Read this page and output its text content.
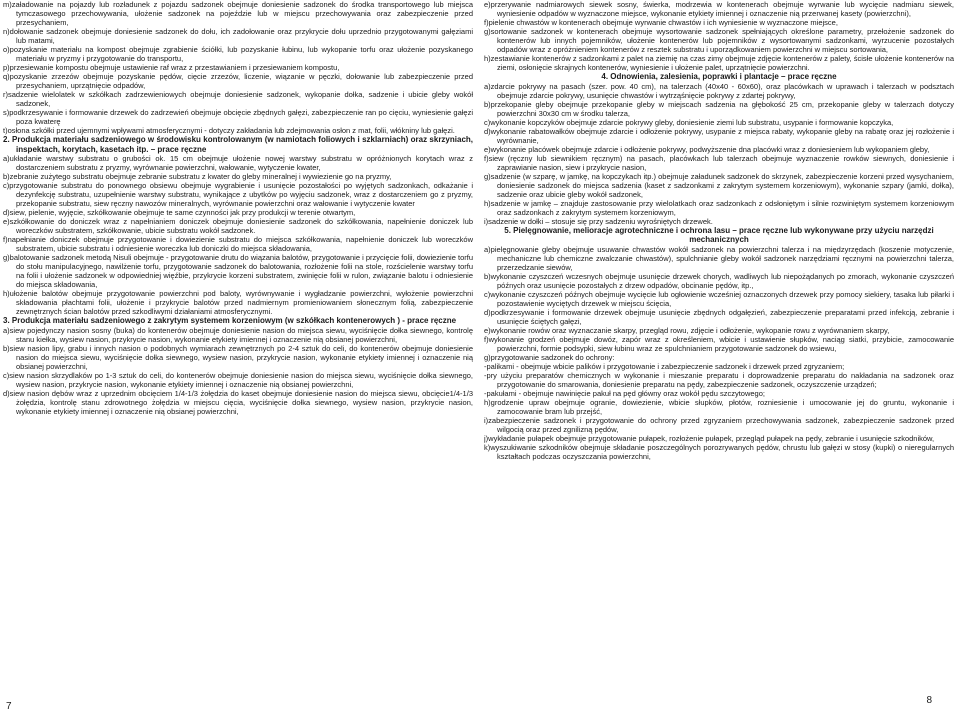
m)załadowanie na pojazdy lub rozładunek z pojazdu sadzonek obejmuje doniesienie sadzonek do środka transportowego lub miejsca tymczasowego przechowywania, ułożenie sadzonek na pojeździe lub w miejscu przechowywania oraz zabezpieczenie przed przesychaniem,

n)dołowanie sadzonek obejmuje doniesienie sadzonek do dołu, ich zadołowanie oraz przykrycie dołu uprzednio przygotowanymi gałęziami lub matami,

o)pozyskanie materiału na kompost obejmuje zgrabienie ściółki, lub pozyskanie łubinu, lub wykopanie torfu oraz ułożenie pozyskanego materiału w pryzmy i przygotowanie do transportu,

p)przesiewanie kompostu obejmuje ustawienie raf wraz z przestawianiem i przesiewaniem kompostu,

q)pozyskanie zrzezów obejmuje pozyskanie pędów, cięcie zrzezów, liczenie, wiązanie w pęczki, dołowanie lub zabezpieczenie przed przesychaniem, uprzątnięcie odpadów,

r)sadzenie wielolatek w szkółkach zadrzewieniowych obejmuje doniesienie sadzonek, wykopanie dołka, sadzenie i ubicie gleby wokół sadzonek,

s)podkrzesywanie i formowanie drzewek do zadrzewień obejmuje obcięcie zbędnych gałęzi, zabezpieczenie ran po cięciu, wyniesienie gałęzi poza kwaterę

t)osłona szkółki przed ujemnymi wpływami atmosferycznymi - dotyczy zakładania lub zdejmowania osłon z mat, folii, włókniny lub gałęzi.

2. Produkcja materiału sadzeniowego w środowisku kontrolowanym (w namiotach foliowych i szklarniach) oraz skrzyniach, inspektach, korytach, kasetach itp. – prace ręczne

a)układanie warstwy substratu o grubości ok. 15 cm obejmuje ułożenie nowej warstwy substratu w opróżnionych korytach wraz z dostarczeniem substratu z pryzmy, wyrównanie powierzchni, wałowanie, wytyczenie kwater,

b)zebranie zużytego substratu obejmuje zebranie substratu z kwater do gleby mineralnej i wywiezienie go na pryzmy,

c)przygotowanie substratu do ponownego obsiewu obejmuje wygrabienie i usunięcie pozostałości po wyjętych sadzonkach, odkażanie i dezynfekcję substratu, uzupełnienie warstwy substratu, wynikające z ubytków po wyjęciu sadzonek, wraz z dostarczeniem go z pryzmy, przekopanie substratu, siew ręczny nawozów mineralnych, wyrównanie powierzchni oraz wałowanie i wytyczenie kwater

d)siew, pielenie, wyjęcie, szkółkowanie obejmuje te same czynności jak przy produkcji w terenie otwartym,

e)szkółkowanie do doniczek wraz z napełnianiem doniczek obejmuje doniesienie sadzonek do szkółkowania, napełnienie doniczek lub woreczków substratem, szkółkowanie, ubicie substratu wokół sadzonek.

f)napełnianie doniczek obejmuje przygotowanie i dowiezienie substratu do miejsca szkółkowania, napełnienie doniczek lub woreczków substratem, ubicie substratu i odniesienie woreczka lub doniczki do miejsca składowania,

g)balotowanie sadzonek metodą Nisuli obejmuje - przygotowanie drutu do wiązania balotów, przygotowanie i przycięcie folii, dowiezienie torfu do stołu manipulacyjnego, nawilżenie torfu, przygotowanie sadzonek do balotowania, rozłożenie folii na stole, rozścielenie warstwy torfu na folii i ułożenie sadzonek w odpowiedniej więźbie, przykrycie korzeni substratem, zwinięcie folii w rulon, związanie balotu i odniesienie do miejsca składowania,

h)ułożenie balotów obejmuje przygotowanie powierzchni pod baloty, wyrównywanie i wygładzanie powierzchni, wyłożenie powierzchni składowania płachtami folii, ułożenie i przykrycie balotów przed nadmiernym promieniowaniem słonecznym folią, zabezpieczenie zewnętrznych ścian balotów przed szkodliwymi działaniami atmosferycznymi.

3. Produkcja materiału sadzeniowego z zakrytym systemem korzeniowym (w szkółkach kontenerowych ) - prace ręczne

a)siew pojedynczy nasion sosny (buka) do kontenerów obejmuje doniesienie nasion do miejsca siewu, wyciśnięcie dołka siewnego, kontrolę stanu kiełka, wysiew nasion, przykrycie nasion, wykonanie etykiety imiennej i oznaczenie nią obsianej powierzchni,

b)siew nasion lipy, grabu i innych nasion o podobnych wymiarach zewnętrznych po 2-4 sztuk do celi, do kontenerów obejmuje doniesienie nasion do miejsca siewu, wyciśnięcie dołka siewnego, wysiew nasion, przykrycie nasion, wykonanie etykiety imiennej i oznaczenie nią obsianej powierzchni,

c)siew nasion skrzydlaków po 1-3 sztuk do celi, do kontenerów obejmuje doniesienie nasion do miejsca siewu, wyciśnięcie dołka siewnego, wysiew nasion, przykrycie nasion, wykonanie etykiety imiennej i oznaczenie nią obsianej powierzchni,

d)siew nasion dębów wraz z uprzednim obcięciem 1/4-1/3 żołędzia do kaset obejmuje doniesienie nasion do miejsca siewu, obcięcie1/4-1/3 żołędzia, kontrolę stanu zdrowotnego żołędzia w miejscu cięcia, wyciśnięcie dołka siewnego, wysiew nasion, przykrycie nasion, wykonanie etykiety imiennej i oznaczenie nią obsianej powierzchni,

e)przerywanie nadmiarowych siewek sosny, świerka, modrzewia w kontenerach obejmuje wyrwanie lub wycięcie nadmiaru siewek, wyniesienie odpadów w wyznaczone miejsce, wykonanie etykiety imiennej i oznaczenie nią przerwanej kasety (powierzchni),

f)pielenie chwastów w kontenerach obejmuje wyrwanie chwastów i ich wyniesienie w wyznaczone miejsce,

g)sortowanie sadzonek w kontenerach obejmuje wysortowanie sadzonek spełniających określone parametry, przełożenie sadzonek do kontenerów lub innych pojemników, ułożenie kontenerów lub pojemników z wysortowanymi sadzonkami, wyrzucenie pozostałych odpadów wraz z opróżnieniem kontenerów z resztek substratu i uporządkowaniem powierzchni w miejscu sortowania,

h)zestawianie kontenerów z sadzonkami z palet na ziemię na czas zimy obejmuje zdjęcie kontenerów z palety, ścisłe ułożenie kontenerów na ziemi, osłonięcie skrajnych kontenerów, wyniesienie i ułożenie palet, uprzątnięcie powierzchni.

4. Odnowienia, zalesienia, poprawki i plantacje – prace ręczne

a)zdarcie pokrywy na pasach (szer. pow. 40 cm), na talerzach (40x40 - 60x60), oraz placówkach w uprawach i talerzach w podsztach obejmuje zdarcie pokrywy, usunięcie chwastów i wytrząśnięcie pokrywy z zdartej pokrywy,

b)przekopanie gleby obejmuje przekopanie gleby w miejscach sadzenia na głębokość 25 cm, przekopanie gleby w talerzach dotyczy powierzchni 30x30 cm w środku talerza,

c)wykonanie kopczyków obejmuje zdarcie pokrywy gleby, doniesienie ziemi lub substratu, usypanie i formowanie kopczyka,

d)wykonanie rabatowałków obejmuje zdarcie i odłożenie pokrywy, usypanie z miejsca rabaty, wykopanie gleby na rabatę oraz jej rozłożenie i wyrównanie,

e)wykonanie placówek obejmuje zdarcie i odłożenie pokrywy, podwyższenie dna placówki wraz z doniesieniem lub wykopaniem gleby,

f)siew (ręczny lub siewnikiem ręcznym) na pasach, placówkach lub talerzach obejmuje wyznaczenie rowków siewnych, doniesienie i zaprawianie nasion, siew i przykrycie nasion,

g)sadzenie (w szparę, w jamkę, na kopczykach itp.) obejmuje załadunek sadzonek do skrzynek, zabezpieczenie korzeni przed wysychaniem, doniesienie sadzonek do miejsca sadzenia (kaset z sadzonkami z zakrytym systemem korzeniowym), wykonanie szpary (jamki, dołka), sadzenie oraz ubicie gleby wokół sadzonek,

h)sadzenie w jamkę – znajduje zastosowanie przy wielolatkach oraz sadzonkach z odsłoniętym i silnie rozwiniętym systemem korzeniowym oraz sadzonkach z zakrytym systemem korzeniowym,

i)sadzenie w dołki – stosuje się przy sadzeniu wyrośniętych drzewek.

5. Pielęgnowanie, melioracje agrotechniczne i ochrona lasu – prace ręczne lub wykonywane przy użyciu narzędzi mechanicznych

a)pielęgnowanie gleby obejmuje usuwanie chwastów wokół sadzonek na powierzchni talerza i na międzyrzędach (koszenie motyczenie, mechaniczne lub chemiczne zwalczanie chwastów), spulchnianie gleby wokół sadzonek narzędziami ręcznymi na powierzchni talerza, przerzedzanie siewów,

b)wykonanie czyszczeń wczesnych obejmuje usunięcie drzewek chorych, wadliwych lub niepożądanych po zmorach, wykonanie czyszczeń późnych oraz usunięcie pozostałych z drzew odpadów, obcinanie pędów, itp.,

c)wykonanie czyszczeń późnych obejmuje wycięcie lub ogłowienie wcześniej oznaczonych drzewek przy pomocy siekiery, tasaka lub piłarki i pozostawienie wyciętych drzewek w miejscu ścięcia,

d)podkrzesywanie i formowanie drzewek obejmuje usunięcie zbędnych odgałęzień, zabezpieczenie preparatami przed infekcją, zebranie i usunięcie ściętych gałęzi,

e)wykonanie rowów oraz wyznaczanie skarpy, przegląd rowu, zdjęcie i odłożenie, wykopanie rowu z wyrównaniem skarpy,

f)wykonanie grodzeń obejmuje dowóz, zapór wraz z określeniem, wbicie i ustawienie słupków, naciąg siatki, przybicie, zamocowanie powierzchni, formie podsypki, siew łubinu wraz ze spulchnianiem przygotowanie sadzonek do wsiewu,

g)przygotowanie sadzonek do ochrony:

-palikami - obejmuje wbicie palików i przygotowanie i zabezpieczenie sadzonek i drzewek przed zgryzaniem;

-pry użyciu preparatów chemicznych w wykonanie i mieszanie preparatu i doprowadzenie preparatu do nakładania na sadzonek oraz przygotowanie do smarowania, doniesienie preparatu na pędy, zabezpieczenie sadzonek, oczyszczenie urządzeń;

-pakułami - obejmuje nawinięcie pakuł na pęd główny oraz wokół pędu szczytowego;

h)grodzenie upraw obejmuje ogranie, dowiezienie, wbicie słupków, płotów, rozniesienie i umocowanie jej do gruntu, wykonanie i zamocowanie bram lub przejść,

i)zabezpieczenie sadzonek i przygotowanie do ochrony przed zgryzaniem przechowywania sadzonek, zabezpieczenie sadzonek przed wilgocią oraz przed zgnilizną pędów,

j)wykładanie pułapek obejmuje przygotowanie pułapek, rozłożenie pułapek, przegląd pułapek na pędy, zebranie i usunięcie szkodników,

k)wyszukiwanie szkodników obejmuje składanie poszczególnych porozrywanych pędów, chrustu lub gałęzi w stosy (kupki) o nieregularnych kształtach podczas oczyszczania powierzchni,

7
8
